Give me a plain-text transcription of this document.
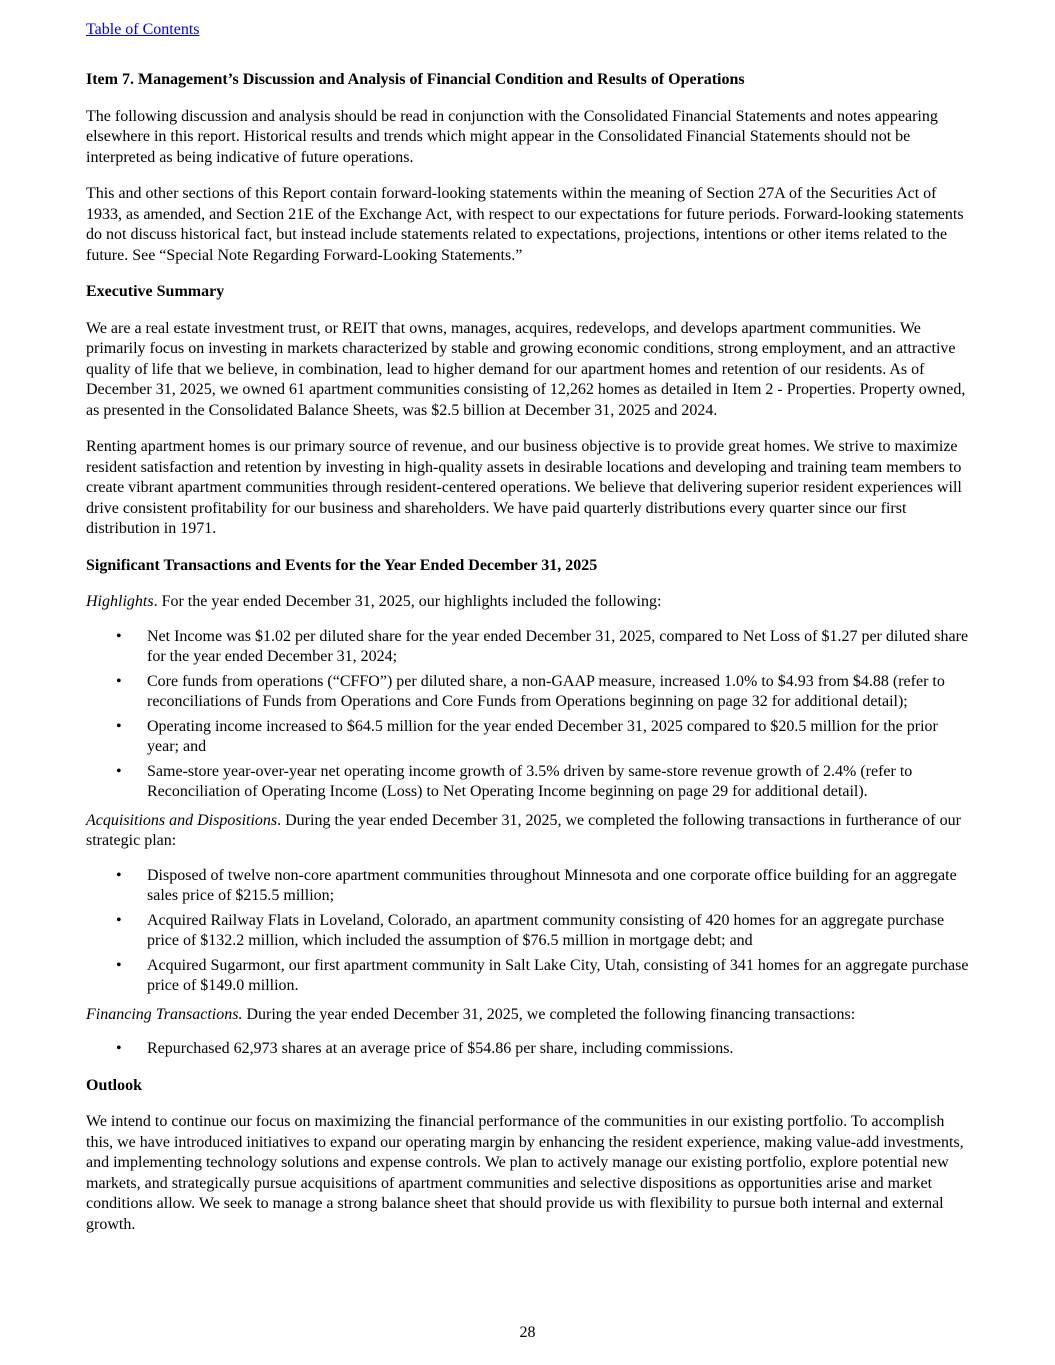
Table of Contents

Item 7. Management’s Discussion and Analysis of Financial Condition and Results of Operations

The following discussion and analysis should be read in conjunction with the Consolidated Financial Statements and notes appearing elsewhere in this report. Historical results and trends which might appear in the Consolidated Financial Statements should not be interpreted as being indicative of future operations.

This and other sections of this Report contain forward-looking statements within the meaning of Section 27A of the Securities Act of 1933, as amended, and Section 21E of the Exchange Act, with respect to our expectations for future periods. Forward-looking statements do not discuss historical fact, but instead include statements related to expectations, projections, intentions or other items related to the future. See “Special Note Regarding Forward-Looking Statements.”

Executive Summary

We are a real estate investment trust, or REIT that owns, manages, acquires, redevelops, and develops apartment communities. We primarily focus on investing in markets characterized by stable and growing economic conditions, strong employment, and an attractive quality of life that we believe, in combination, lead to higher demand for our apartment homes and retention of our residents. As of December 31, 2025, we owned 61 apartment communities consisting of 12,262 homes as detailed in Item 2 - Properties. Property owned, as presented in the Consolidated Balance Sheets, was $2.5 billion at December 31, 2025 and 2024.

Renting apartment homes is our primary source of revenue, and our business objective is to provide great homes. We strive to maximize resident satisfaction and retention by investing in high-quality assets in desirable locations and developing and training team members to create vibrant apartment communities through resident-centered operations. We believe that delivering superior resident experiences will drive consistent profitability for our business and shareholders. We have paid quarterly distributions every quarter since our first distribution in 1971.

Significant Transactions and Events for the Year Ended December 31, 2025

Highlights. For the year ended December 31, 2025, our highlights included the following:

• Net Income was $1.02 per diluted share for the year ended December 31, 2025, compared to Net Loss of $1.27 per diluted share for the year ended December 31, 2024;
• Core funds from operations (“CFFO”) per diluted share, a non-GAAP measure, increased 1.0% to $4.93 from $4.88 (refer to reconciliations of Funds from Operations and Core Funds from Operations beginning on page 32 for additional detail);
• Operating income increased to $64.5 million for the year ended December 31, 2025 compared to $20.5 million for the prior year; and
• Same-store year-over-year net operating income growth of 3.5% driven by same-store revenue growth of 2.4% (refer to Reconciliation of Operating Income (Loss) to Net Operating Income beginning on page 29 for additional detail).

Acquisitions and Dispositions. During the year ended December 31, 2025, we completed the following transactions in furtherance of our strategic plan:

• Disposed of twelve non-core apartment communities throughout Minnesota and one corporate office building for an aggregate sales price of $215.5 million;
• Acquired Railway Flats in Loveland, Colorado, an apartment community consisting of 420 homes for an aggregate purchase price of $132.2 million, which included the assumption of $76.5 million in mortgage debt; and
• Acquired Sugarmont, our first apartment community in Salt Lake City, Utah, consisting of 341 homes for an aggregate purchase price of $149.0 million.

Financing Transactions. During the year ended December 31, 2025, we completed the following financing transactions:

• Repurchased 62,973 shares at an average price of $54.86 per share, including commissions.

Outlook

We intend to continue our focus on maximizing the financial performance of the communities in our existing portfolio. To accomplish this, we have introduced initiatives to expand our operating margin by enhancing the resident experience, making value-add investments, and implementing technology solutions and expense controls. We plan to actively manage our existing portfolio, explore potential new markets, and strategically pursue acquisitions of apartment communities and selective dispositions as opportunities arise and market conditions allow. We seek to manage a strong balance sheet that should provide us with flexibility to pursue both internal and external growth.

28
